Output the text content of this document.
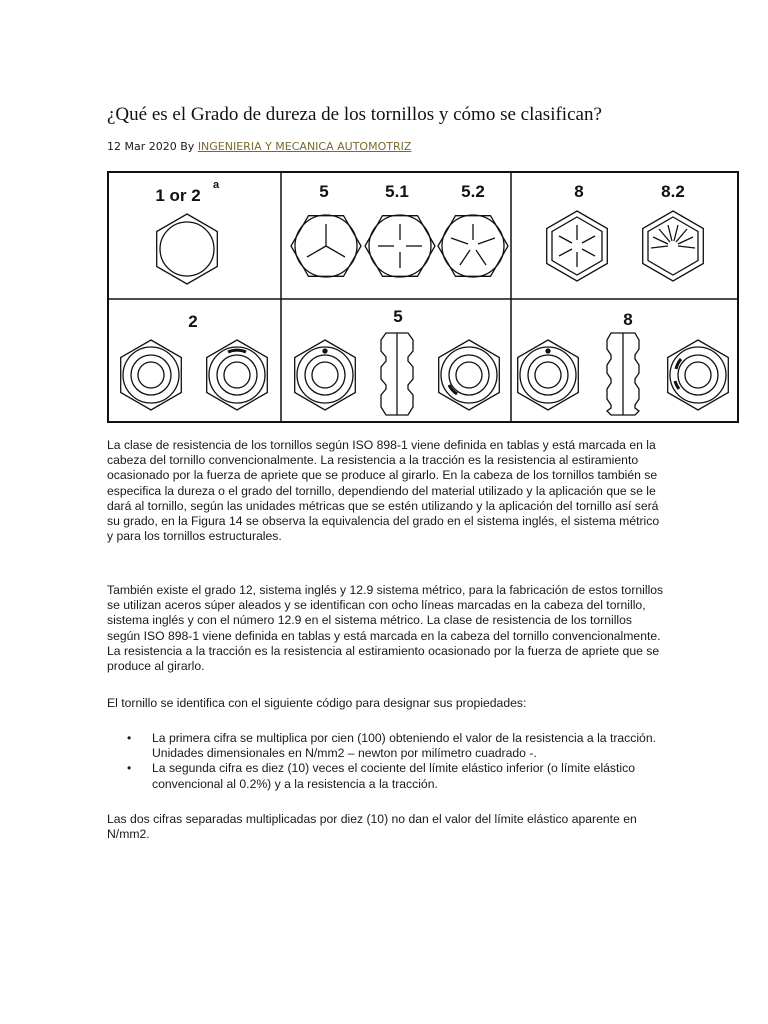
¿Qué es el Grado de dureza de los tornillos y cómo se clasifican?
12 Mar 2020 By INGENIERIA Y MECANICA AUTOMOTRIZ
1 or 2
a	5	5.1	5.2	8	8.2
2	5	8

La clase de resistencia de los tornillos según ISO 898-1 viene definida en tablas y está marcada en la cabeza del tornillo convencionalmente. La resistencia a la tracción es la resistencia al estiramiento ocasionado por la fuerza de apriete que se produce al girarlo. En la cabeza de los tornillos también se especifica la dureza o el grado del tornillo, dependiendo del material utilizado y la aplicación que se le dará al tornillo, según las unidades métricas que se estén utilizando y la aplicación del tornillo así será su grado, en la Figura 14 se observa la equivalencia del grado en el sistema inglés, el sistema métrico y para los tornillos estructurales.

También existe el grado 12, sistema inglés y 12.9 sistema métrico, para la fabricación de estos tornillos se utilizan aceros súper aleados y se identifican con ocho líneas marcadas en la cabeza del tornillo, sistema inglés y con el número 12.9 en el sistema métrico. La clase de resistencia de los tornillos según ISO 898-1 viene definida en tablas y está marcada en la cabeza del tornillo convencionalmente. La resistencia a la tracción es la resistencia al estiramiento ocasionado por la fuerza de apriete que se produce al girarlo.

El tornillo se identifica con el siguiente código para designar sus propiedades:

• La primera cifra se multiplica por cien (100) obteniendo el valor de la resistencia a la tracción. Unidades dimensionales en N/mm2 – newton por milímetro cuadrado -.
• La segunda cifra es diez (10) veces el cociente del límite elástico inferior (o límite elástico convencional al 0.2%) y a la resistencia a la tracción.

Las dos cifras separadas multiplicadas por diez (10) no dan el valor del límite elástico aparente en N/mm2.
